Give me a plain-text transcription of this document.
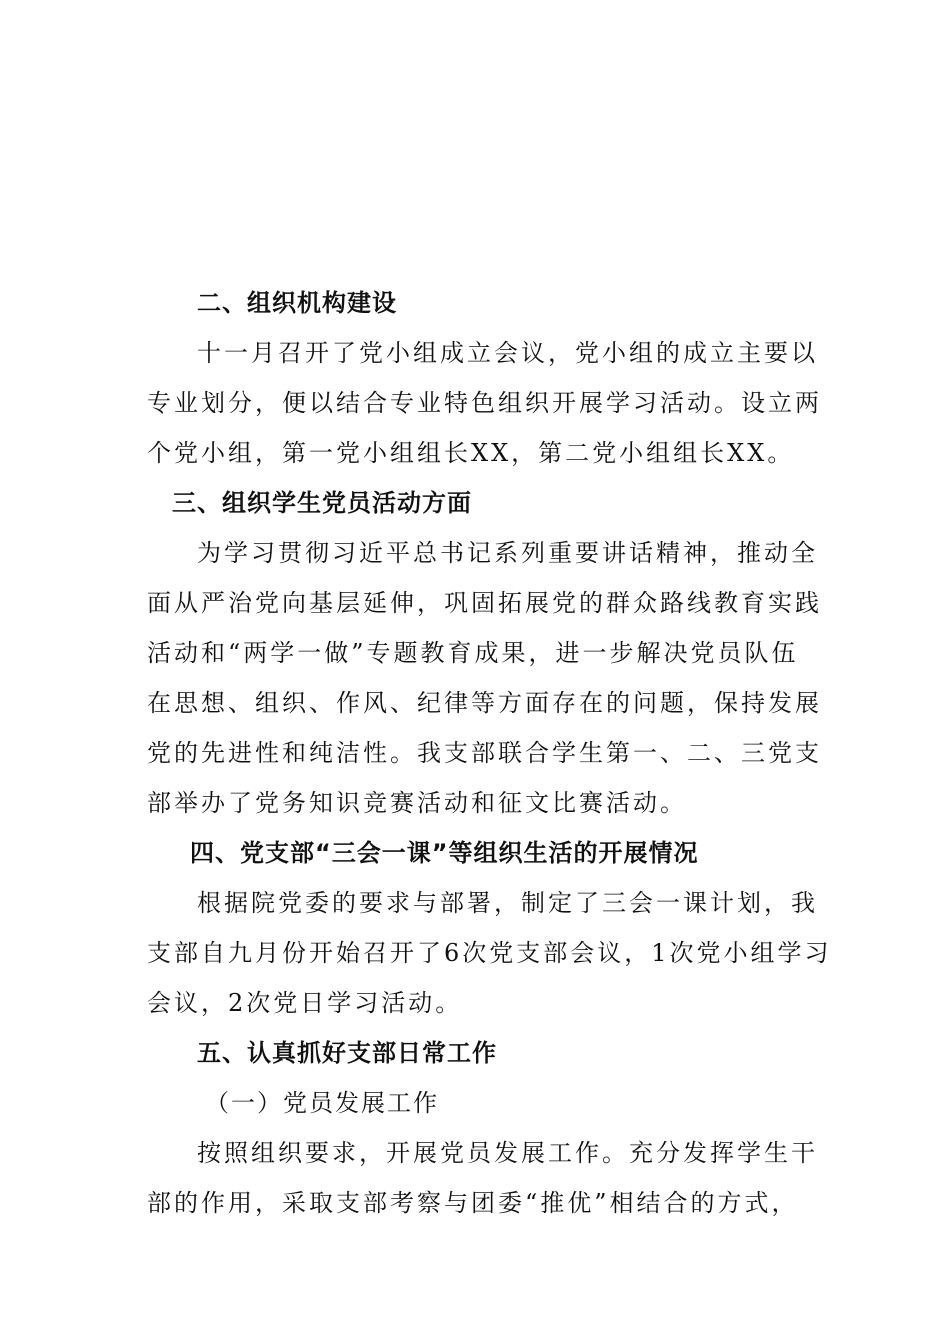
二、组织机构建设
十一月召开了党小组成立会议，党小组的成立主要以
专业划分，便以结合专业特色组织开展学习活动。设立两
个党小组，第一党小组组长XX，第二党小组组长XX。
三、组织学生党员活动方面
为学习贯彻习近平总书记系列重要讲话精神，推动全
面从严治党向基层延伸，巩固拓展党的群众路线教育实践
活动和“两学一做”专题教育成果，进一步解决党员队伍
在思想、组织、作风、纪律等方面存在的问题，保持发展
党的先进性和纯洁性。我支部联合学生第一、二、三党支
部举办了党务知识竞赛活动和征文比赛活动。
四、党支部“三会一课”等组织生活的开展情况
根据院党委的要求与部署，制定了三会一课计划，我
支部自九月份开始召开了6次党支部会议，1次党小组学习
会议，2次党日学习活动。
五、认真抓好支部日常工作
（一）党员发展工作
按照组织要求，开展党员发展工作。充分发挥学生干
部的作用，采取支部考察与团委“推优”相结合的方式，
